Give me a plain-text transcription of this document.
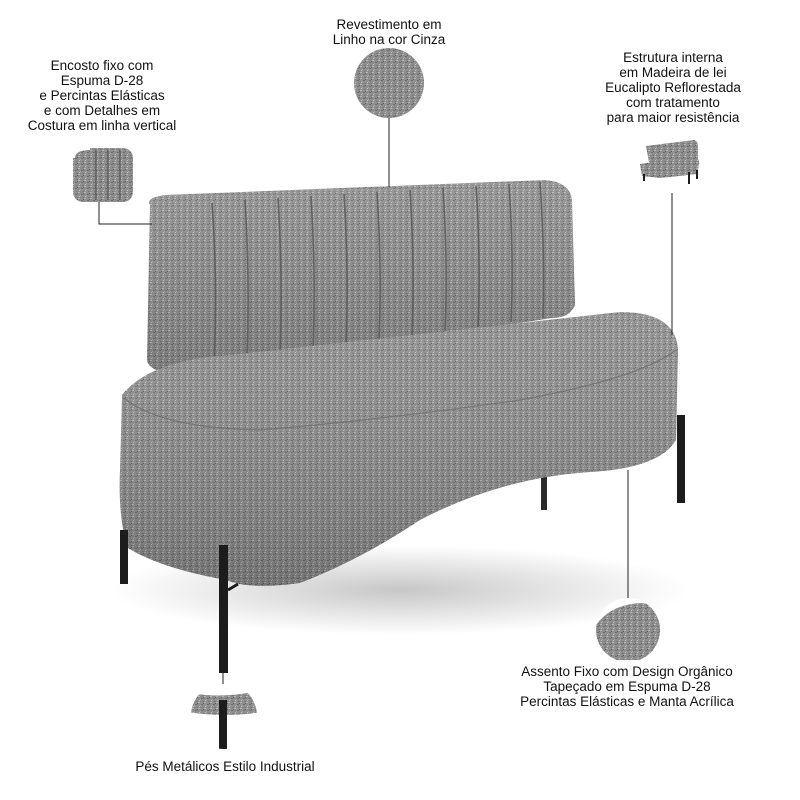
Encosto fixo com
Espuma D-28
e Percintas Elásticas
e com Detalhes em
Costura em linha vertical
Revestimento em
Linho na cor Cinza
Estrutura interna
em Madeira de lei
Eucalipto Reflorestada
com tratamento
para maior resistência
Assento Fixo com Design Orgânico
Tapeçado em Espuma D-28
Percintas Elásticas e Manta Acrílica
Pés Metálicos Estilo Industrial
